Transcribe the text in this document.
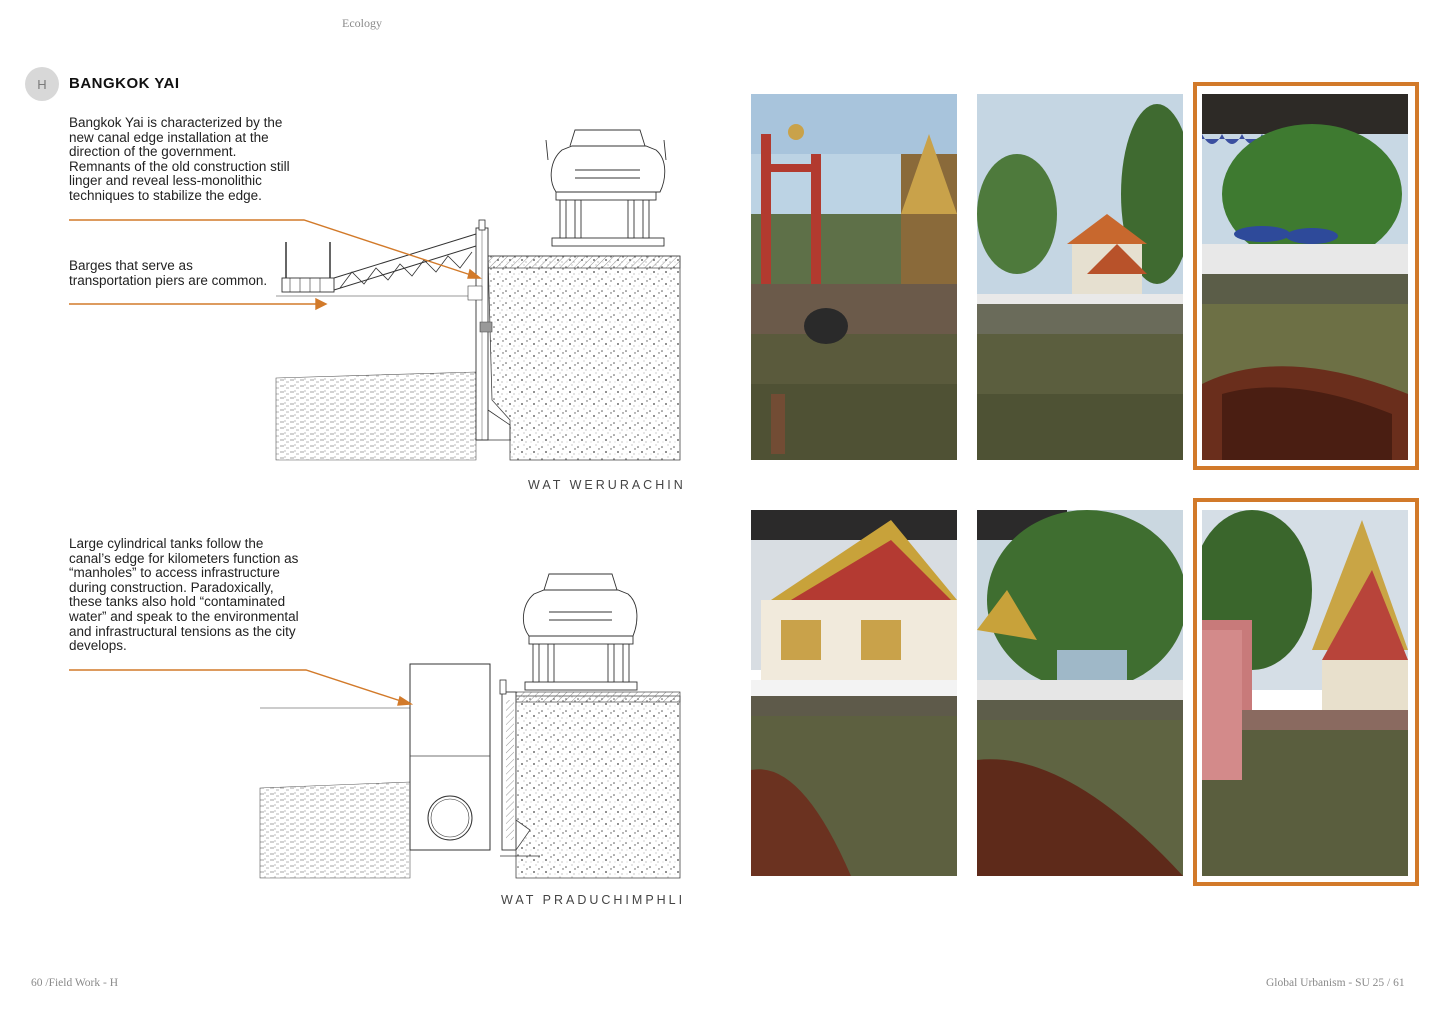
Ecology
H	BANGKOK YAI
Bangkok Yai is characterized by the new canal edge installation at the direction of the government. Remnants of the old construction still linger and reveal less-monolithic techniques to stabilize the edge.
Barges that serve as transportation piers are common.
Large cylindrical tanks follow the canal’s edge for kilometers function as “manholes” to access infrastructure during construction. Paradoxically, these tanks also hold “contaminated water” and speak to the environmental and infrastructural tensions as the city develops.
WAT WERURACHIN
WAT PRADUCHIMPHLI
60 /Field Work - H	Global Urbanism - SU 25 / 61
